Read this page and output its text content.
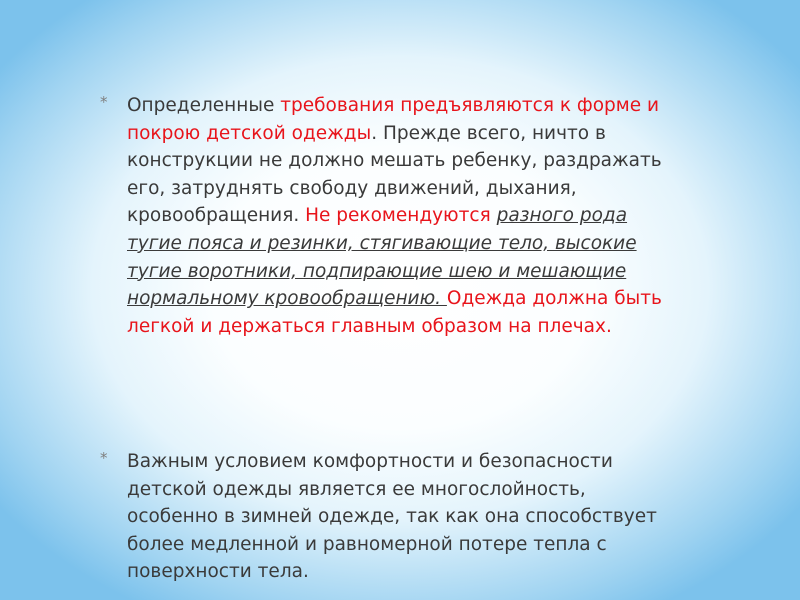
*	Определенные требования предъявляются к форме и покрою детской одежды. Прежде всего, ничто в конструкции не должно мешать ребенку, раздражать его, затруднять свободу движений, дыхания, кровообращения. Не рекомендуются разного рода тугие пояса и резинки, стягивающие тело, высокие тугие воротники, подпирающие шею и мешающие нормальному кровообращению. Одежда должна быть легкой и держаться главным образом на плечах.
*	Важным условием комфортности и безопасности детской одежды является ее многослойность, особенно в зимней одежде, так как она способствует более медленной и равномерной потере тепла с поверхности тела.
